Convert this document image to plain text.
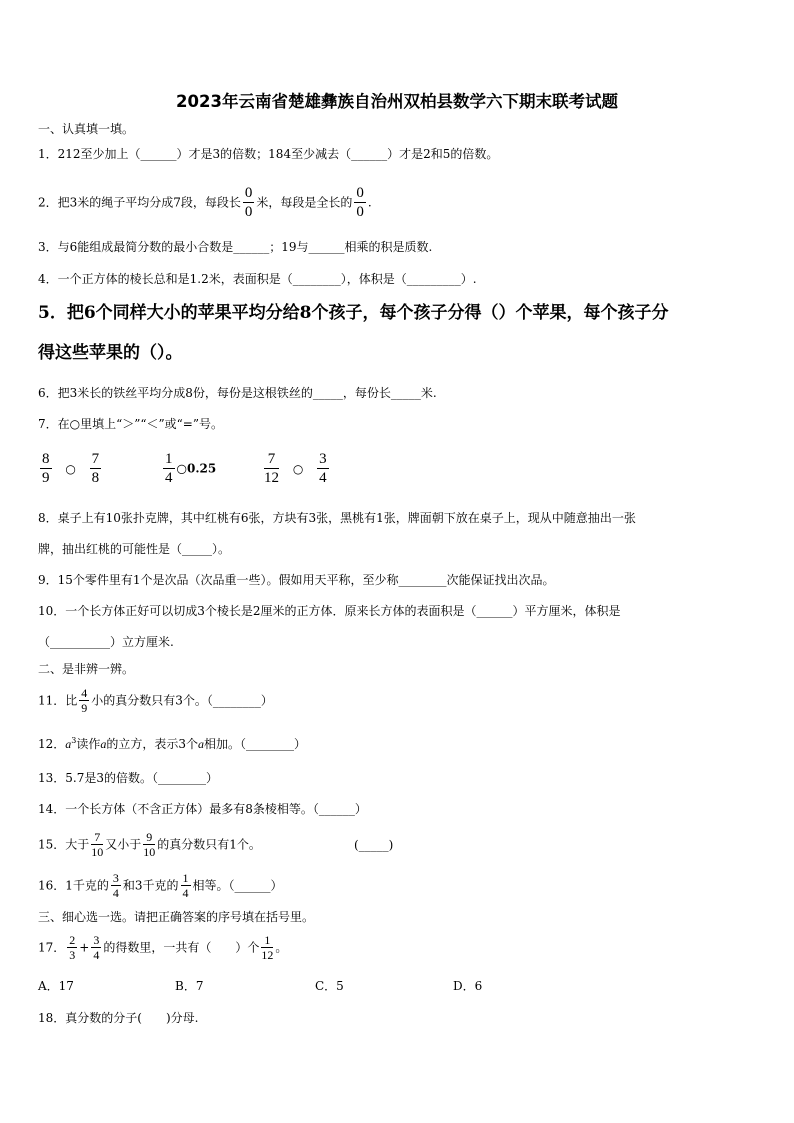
2023年云南省楚雄彝族自治州双柏县数学六下期末联考试题
一、认真填一填。
1．212至少加上（______）才是3的倍数；184至少减去（______）才是2和5的倍数。
2．把3米的绳子平均分成7段，每段长 $\frac{0}{0}$ 米，每段是全长的 $\frac{0}{0}$ .
3．与6能组成最简分数的最小合数是______；19与______相乘的积是质数.
4．一个正方体的棱长总和是1.2米，表面积是（________），体积是（_________）.
5．把6个同样大小的苹果平均分给8个孩子，每个孩子分得（）个苹果，每个孩子分
得这些苹果的（）。
6．把3米长的铁丝平均分成8份，每份是这根铁丝的_____，每份长_____米.
7．在○里填上“＞”“＜”或“=”号。
$\frac{8}{9}$ ○ $\frac{7}{8}$	$\frac{1}{4}$ ○0.25	$\frac{7}{12}$ ○ $\frac{3}{4}$
8．桌子上有10张扑克牌，其中红桃有6张，方块有3张，黑桃有1张，牌面朝下放在桌子上，现从中随意抽出一张
牌，抽出红桃的可能性是（_____）。
9．15个零件里有1个是次品（次品重一些）。假如用天平称，至少称________次能保证找出次品。
10．一个长方体正好可以切成3个棱长是2厘米的正方体．原来长方体的表面积是（______）平方厘米，体积是
（__________）立方厘米.
二、是非辨一辨。
11．比 $\frac{4}{9}$ 小的真分数只有3个。（________）
12．$a^3$读作a的立方，表示3个a相加。（________）
13．5.7是3的倍数。（________）
14．一个长方体（不含正方体）最多有8条棱相等。（______）
15．大于 $\frac{7}{10}$ 又小于 $\frac{9}{10}$ 的真分数只有1个。	(_____)
16．1千克的 $\frac{3}{4}$ 和3千克的 $\frac{1}{4}$ 相等。（______）
三、细心选一选。请把正确答案的序号填在括号里。
17． $\frac{2}{3} + \frac{3}{4}$ 的得数里，一共有（　　）个 $\frac{1}{12}$ 。
A．17	B．7	C．5	D．6
18．真分数的分子(　　)分母.
